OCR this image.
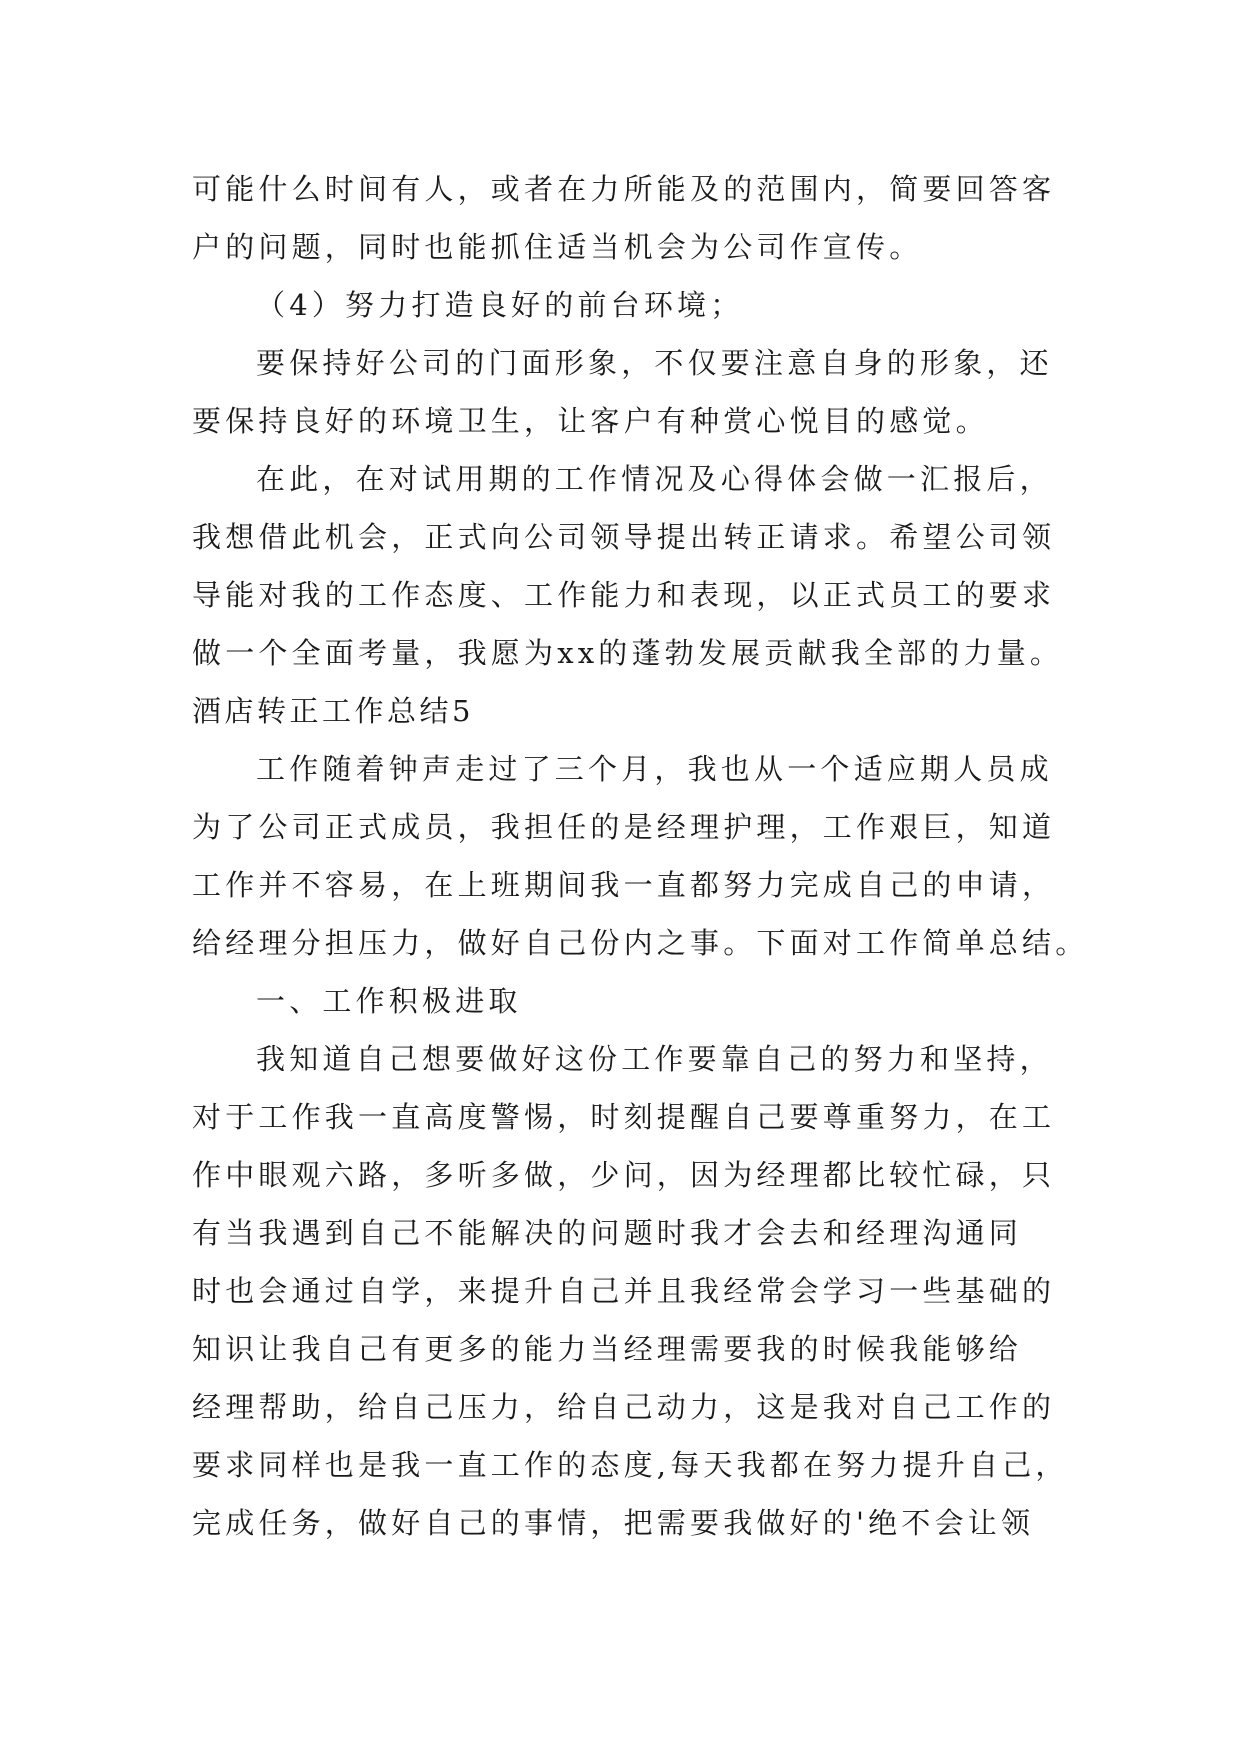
可能什么时间有人，或者在力所能及的范围内，简要回答客
户的问题，同时也能抓住适当机会为公司作宣传。
（4）努力打造良好的前台环境；
要保持好公司的门面形象，不仅要注意自身的形象，还
要保持良好的环境卫生，让客户有种赏心悦目的感觉。
在此，在对试用期的工作情况及心得体会做一汇报后，
我想借此机会，正式向公司领导提出转正请求。希望公司领
导能对我的工作态度、工作能力和表现，以正式员工的要求
做一个全面考量，我愿为xx的蓬勃发展贡献我全部的力量。
酒店转正工作总结5
工作随着钟声走过了三个月，我也从一个适应期人员成
为了公司正式成员，我担任的是经理护理，工作艰巨，知道
工作并不容易，在上班期间我一直都努力完成自己的申请，
给经理分担压力，做好自己份内之事。下面对工作简单总结。
一、工作积极进取
我知道自己想要做好这份工作要靠自己的努力和坚持，
对于工作我一直高度警惕，时刻提醒自己要尊重努力，在工
作中眼观六路，多听多做，少问，因为经理都比较忙碌，只
有当我遇到自己不能解决的问题时我才会去和经理沟通同
时也会通过自学，来提升自己并且我经常会学习一些基础的
知识让我自己有更多的能力当经理需要我的时候我能够给
经理帮助，给自己压力，给自己动力，这是我对自己工作的
要求同样也是我一直工作的态度,每天我都在努力提升自己，
完成任务，做好自己的事情，把需要我做好的'绝不会让领
